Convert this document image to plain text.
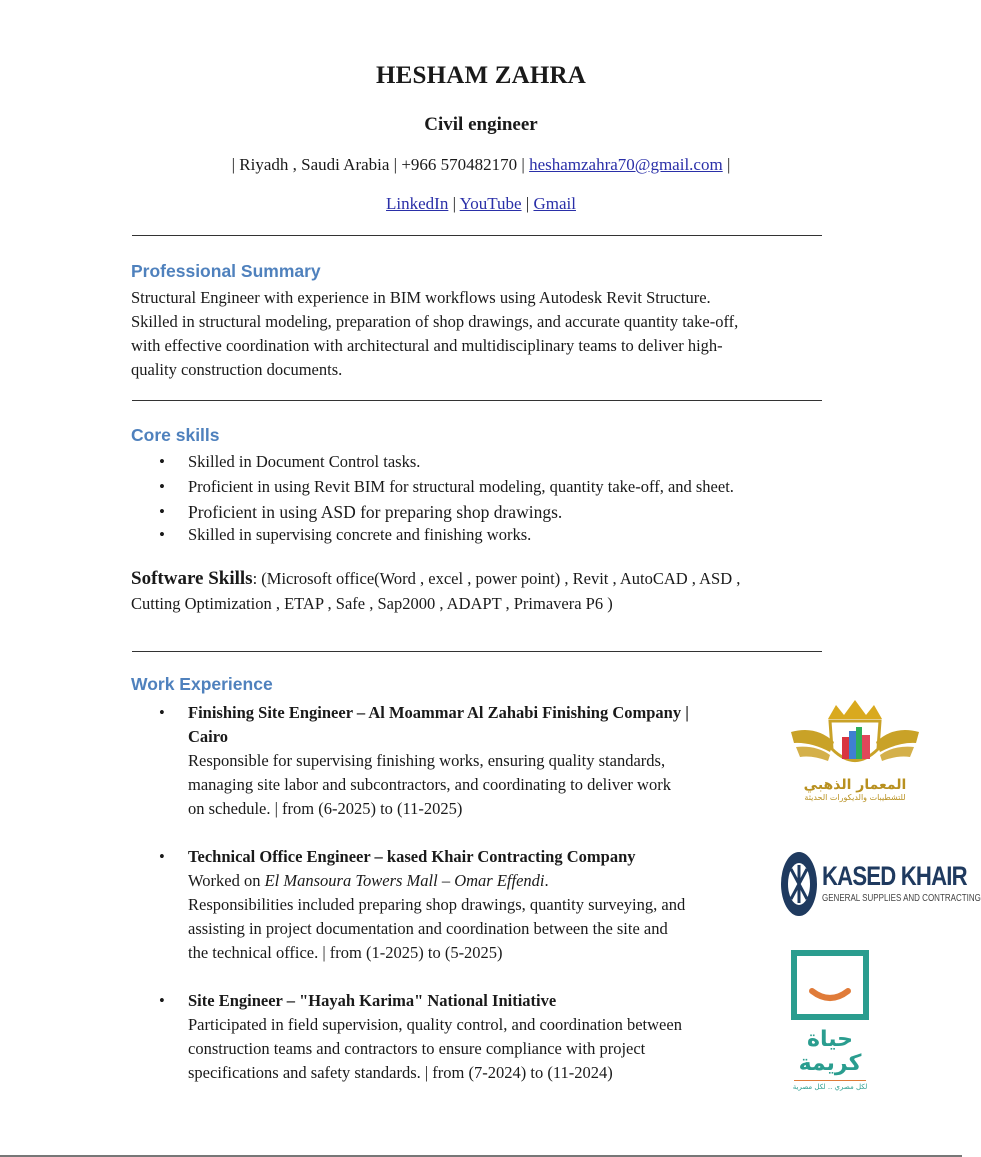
HESHAM ZAHRA
Civil engineer
| Riyadh , Saudi Arabia | +966 570482170 | heshamzahra70@gmail.com |
LinkedIn | YouTube | Gmail
Professional Summary
Structural Engineer with experience in BIM workflows using Autodesk Revit Structure.
Skilled in structural modeling, preparation of shop drawings, and accurate quantity take-off,
with effective coordination with architectural and multidisciplinary teams to deliver high-
quality construction documents.
Core skills
• Skilled in Document Control tasks.
• Proficient in using Revit BIM for structural modeling, quantity take-off, and sheet.
• Proficient in using ASD for preparing shop drawings.
• Skilled in supervising concrete and finishing works.
Software Skills: (Microsoft office(Word , excel , power point) , Revit , AutoCAD , ASD ,
Cutting Optimization , ETAP , Safe , Sap2000 , ADAPT , Primavera P6 )
Work Experience
• Finishing Site Engineer – Al Moammar Al Zahabi Finishing Company |
Cairo
Responsible for supervising finishing works, ensuring quality standards,
managing site labor and subcontractors, and coordinating to deliver work
on schedule. | from (6-2025) to (11-2025)
• Technical Office Engineer – kased Khair Contracting Company
Worked on El Mansoura Towers Mall – Omar Effendi.
Responsibilities included preparing shop drawings, quantity surveying, and
assisting in project documentation and coordination between the site and
the technical office. | from (1-2025) to (5-2025)
• Site Engineer – "Hayah Karima" National Initiative
Participated in field supervision, quality control, and coordination between
construction teams and contractors to ensure compliance with project
specifications and safety standards. | from (7-2024) to (11-2024)
المعمار الذهبي
للتشطيبات والديكورات الحديثة
KASED KHAIR
GENERAL SUPPLIES AND CONTRACTING
حياة كريمة
لكل مصري .. لكل مصرية
